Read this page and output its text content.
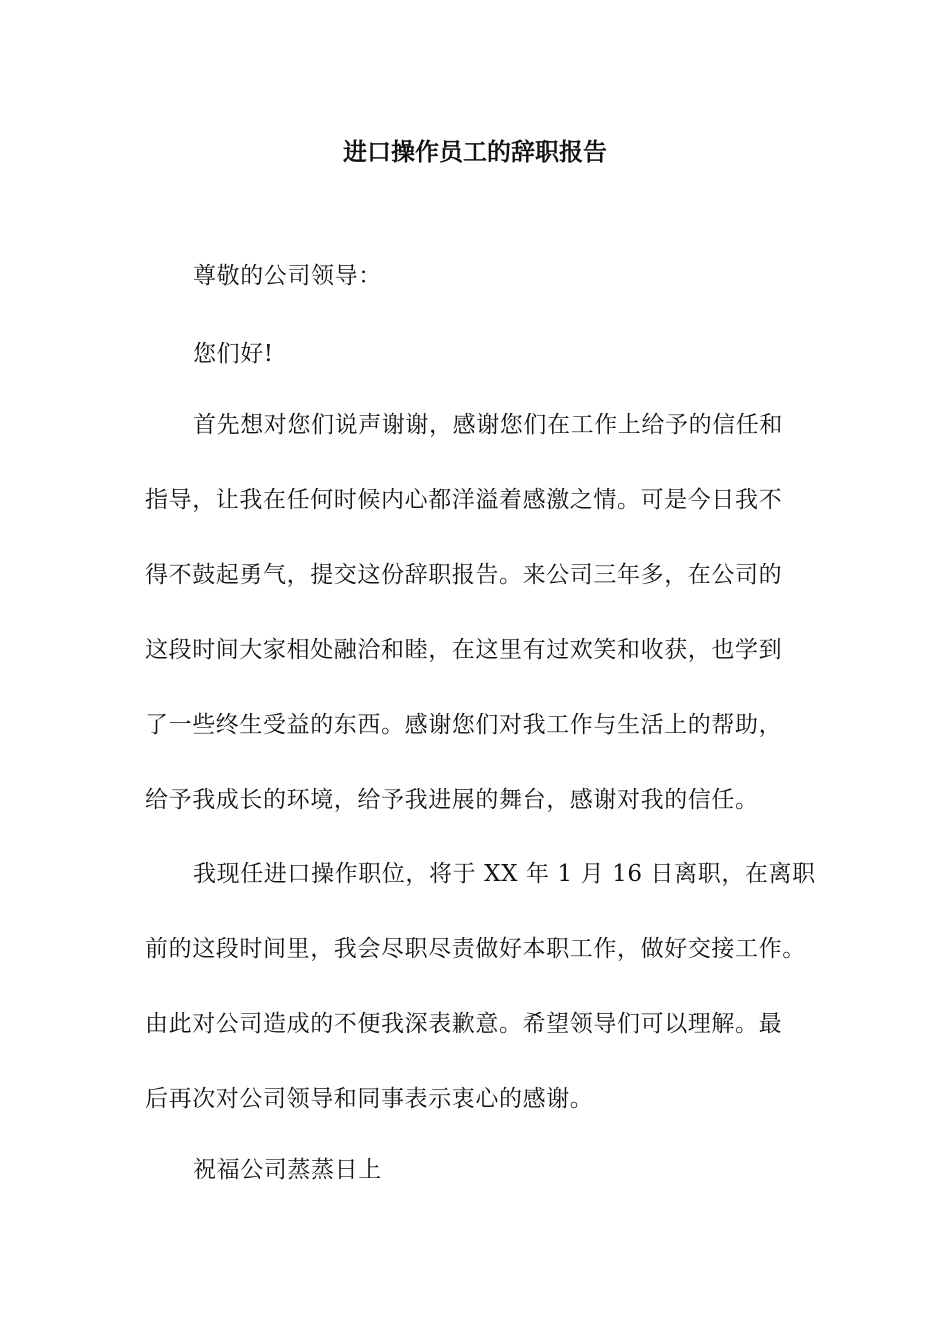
进口操作员工的辞职报告
尊敬的公司领导：
您们好!
首先想对您们说声谢谢，感谢您们在工作上给予的信任和
指导，让我在任何时候内心都洋溢着感激之情。可是今日我不
得不鼓起勇气，提交这份辞职报告。来公司三年多，在公司的
这段时间大家相处融洽和睦，在这里有过欢笑和收获，也学到
了一些终生受益的东西。感谢您们对我工作与生活上的帮助，
给予我成长的环境，给予我进展的舞台，感谢对我的信任。
我现任进口操作职位，将于 XX 年 1 月 16 日离职，在离职
前的这段时间里，我会尽职尽责做好本职工作，做好交接工作。
由此对公司造成的不便我深表歉意。希望领导们可以理解。最
后再次对公司领导和同事表示衷心的感谢。
祝福公司蒸蒸日上
